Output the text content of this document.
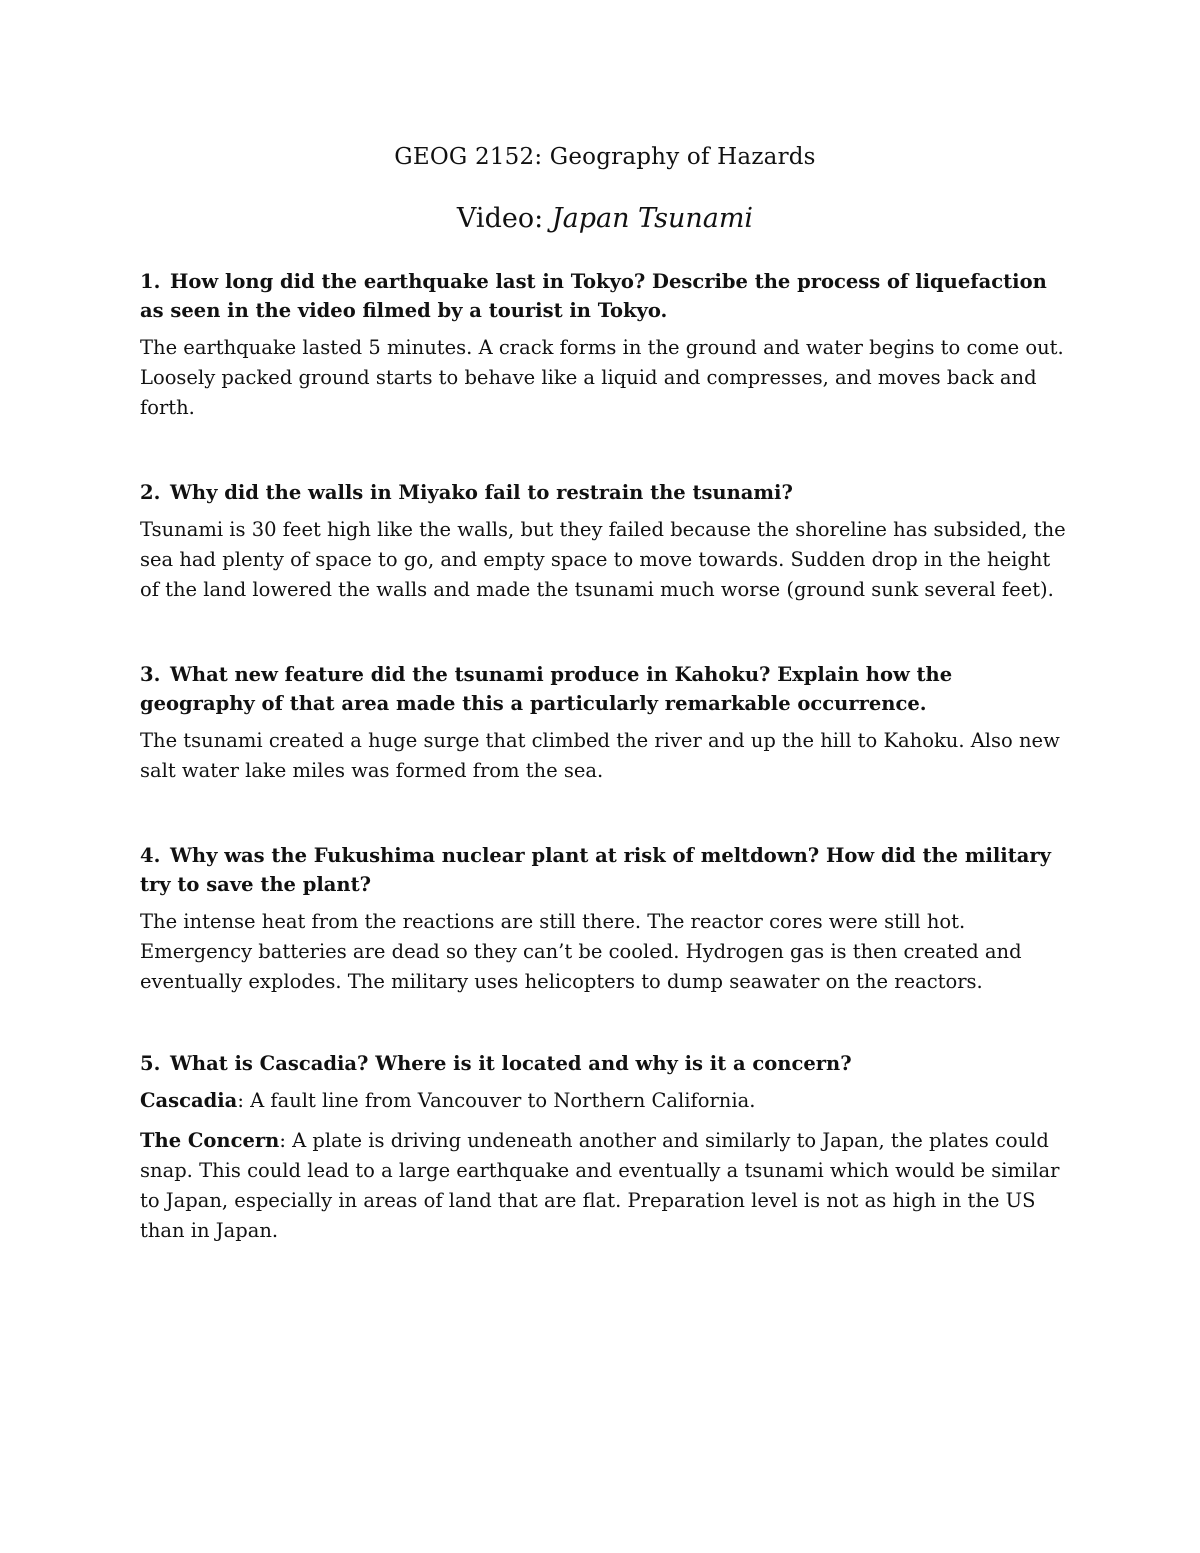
GEOG 2152: Geography of Hazards
Video: Japan Tsunami

1. How long did the earthquake last in Tokyo? Describe the process of liquefaction as seen in the video filmed by a tourist in Tokyo.

The earthquake lasted 5 minutes. A crack forms in the ground and water begins to come out. Loosely packed ground starts to behave like a liquid and compresses, and moves back and forth.

2. Why did the walls in Miyako fail to restrain the tsunami?

Tsunami is 30 feet high like the walls, but they failed because the shoreline has subsided, the sea had plenty of space to go, and empty space to move towards. Sudden drop in the height of the land lowered the walls and made the tsunami much worse (ground sunk several feet).

3. What new feature did the tsunami produce in Kahoku? Explain how the geography of that area made this a particularly remarkable occurrence.

The tsunami created a huge surge that climbed the river and up the hill to Kahoku. Also new salt water lake miles was formed from the sea.

4. Why was the Fukushima nuclear plant at risk of meltdown? How did the military try to save the plant?

The intense heat from the reactions are still there. The reactor cores were still hot. Emergency batteries are dead so they can’t be cooled. Hydrogen gas is then created and eventually explodes. The military uses helicopters to dump seawater on the reactors.

5. What is Cascadia? Where is it located and why is it a concern?

Cascadia: A fault line from Vancouver to Northern California.

The Concern: A plate is driving undeneath another and similarly to Japan, the plates could snap. This could lead to a large earthquake and eventually a tsunami which would be similar to Japan, especially in areas of land that are flat. Preparation level is not as high in the US than in Japan.
